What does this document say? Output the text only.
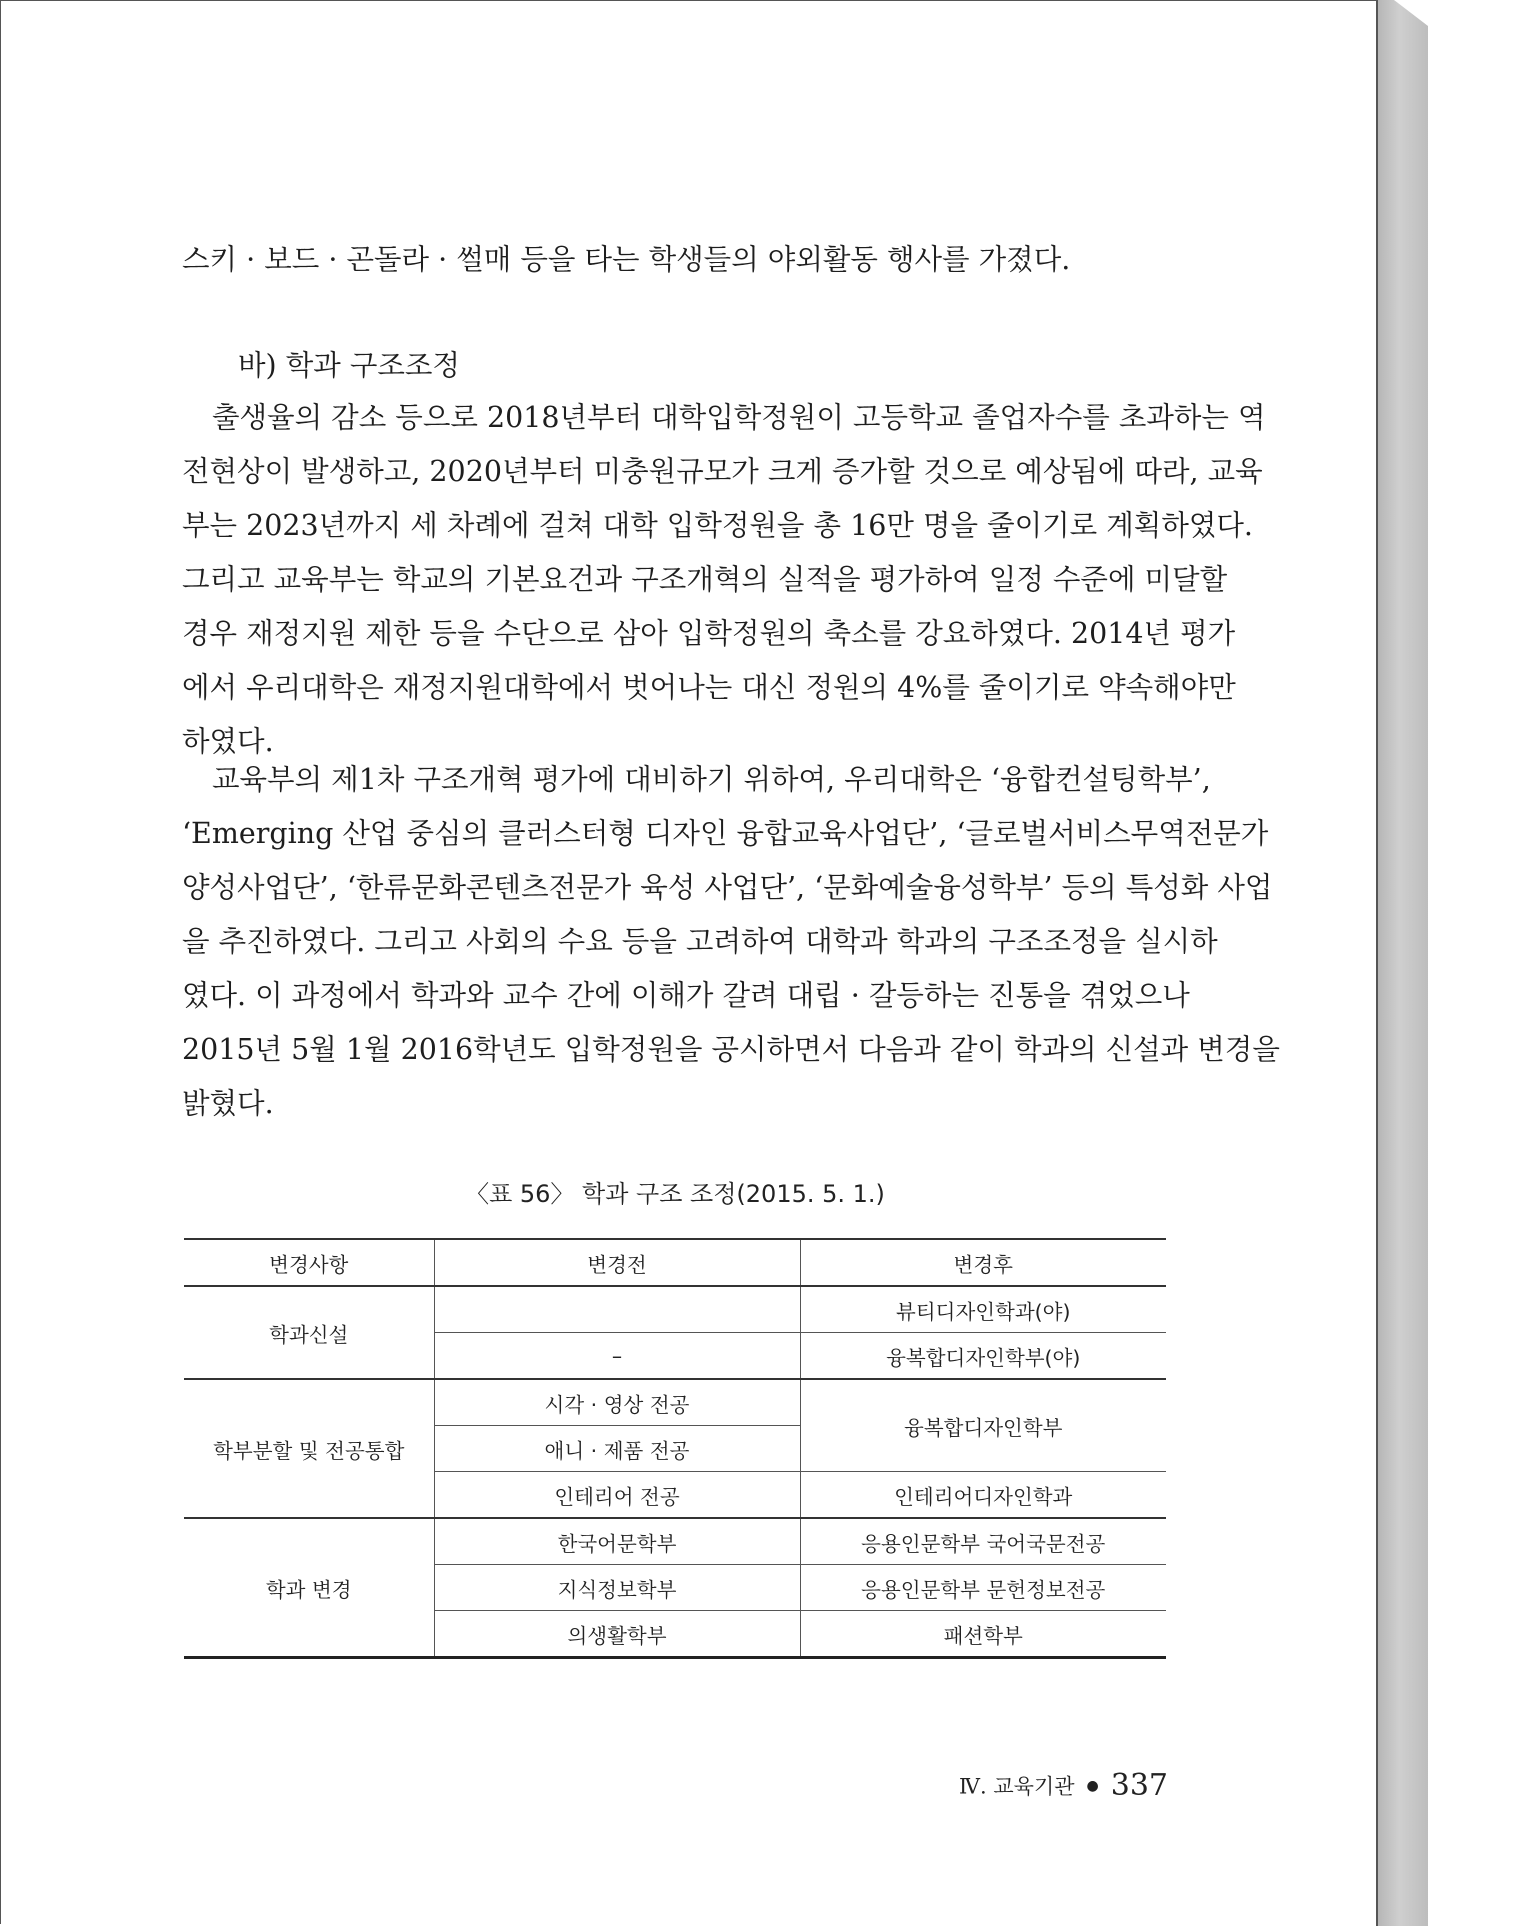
스키 · 보드 · 곤돌라 · 썰매 등을 타는 학생들의 야외활동 행사를 가졌다.

바) 학과 구조조정

출생율의 감소 등으로 2018년부터 대학입학정원이 고등학교 졸업자수를 초과하는 역

전현상이 발생하고, 2020년부터 미충원규모가 크게 증가할 것으로 예상됨에 따라, 교육

부는 2023년까지 세 차례에 걸쳐 대학 입학정원을 총 16만 명을 줄이기로 계획하였다.

그리고 교육부는 학교의 기본요건과 구조개혁의 실적을 평가하여 일정 수준에 미달할

경우 재정지원 제한 등을 수단으로 삼아 입학정원의 축소를 강요하였다. 2014년 평가

에서 우리대학은 재정지원대학에서 벗어나는 대신 정원의 4%를 줄이기로 약속해야만

하였다.

교육부의 제1차 구조개혁 평가에 대비하기 위하여, 우리대학은 ‘융합컨설팅학부’,

‘Emerging 산업 중심의 클러스터형 디자인 융합교육사업단’, ‘글로벌서비스무역전문가

양성사업단’, ‘한류문화콘텐츠전문가 육성 사업단’, ‘문화예술융성학부’ 등의 특성화 사업

을 추진하였다. 그리고 사회의 수요 등을 고려하여 대학과 학과의 구조조정을 실시하

였다. 이 과정에서 학과와 교수 간에 이해가 갈려 대립 · 갈등하는 진통을 겪었으나

2015년 5월 1월 2016학년도 입학정원을 공시하면서 다음과 같이 학과의 신설과 변경을

밝혔다.

〈표 56〉 학과 구조 조정(2015. 5. 1.)
변경사항	변경전	변경후
학과신설		뷰티디자인학과(야)
	–	융복합디자인학부(야)
학부분할 및 전공통합	시각 · 영상 전공	융복합디자인학부
	애니 · 제품 전공	
	인테리어 전공	인테리어디자인학과
학과 변경	한국어문학부	응용인문학부 국어국문전공
	지식정보학부	응용인문학부 문헌정보전공
	의생활학부	패션학부
Ⅳ. 교육기관 ● 337
